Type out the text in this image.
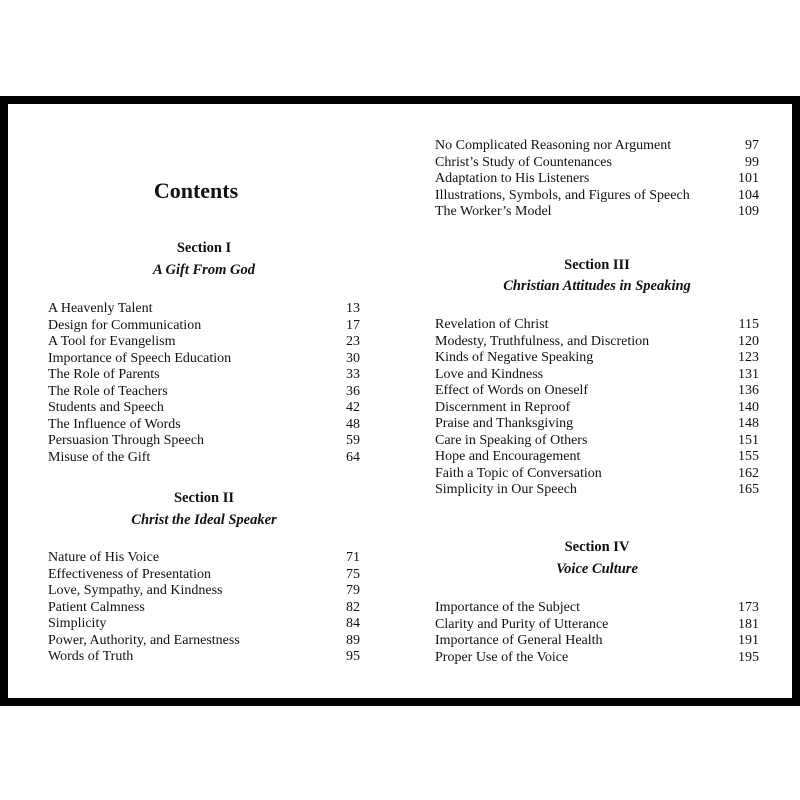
Contents
Section I
A Gift From God
A Heavenly Talent	13
Design for Communication	17
A Tool for Evangelism	23
Importance of Speech Education	30
The Role of Parents	33
The Role of Teachers	36
Students and Speech	42
The Influence of Words	48
Persuasion Through Speech	59
Misuse of the Gift	64
Section II
Christ the Ideal Speaker
Nature of His Voice	71
Effectiveness of Presentation	75
Love, Sympathy, and Kindness	79
Patient Calmness	82
Simplicity	84
Power, Authority, and Earnestness	89
Words of Truth	95
No Complicated Reasoning nor Argument	97
Christ’s Study of Countenances	99
Adaptation to His Listeners	101
Illustrations, Symbols, and Figures of Speech	104
The Worker’s Model	109
Section III
Christian Attitudes in Speaking
Revelation of Christ	115
Modesty, Truthfulness, and Discretion	120
Kinds of Negative Speaking	123
Love and Kindness	131
Effect of Words on Oneself	136
Discernment in Reproof	140
Praise and Thanksgiving	148
Care in Speaking of Others	151
Hope and Encouragement	155
Faith a Topic of Conversation	162
Simplicity in Our Speech	165
Section IV
Voice Culture
Importance of the Subject	173
Clarity and Purity of Utterance	181
Importance of General Health	191
Proper Use of the Voice	195
